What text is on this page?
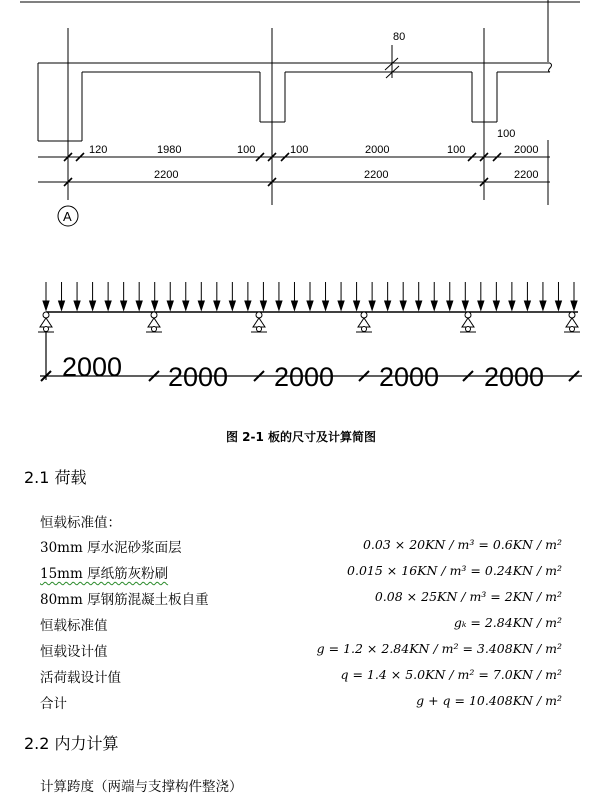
80
120	1980	100	100	2000	100
100
2000
2200	2200	2200
A
2000 2000 2000 2000 2000
图 2-1 板的尺寸及计算简图
2.1 荷载
恒载标准值：
30mm 厚水泥砂浆面层	0.03 × 20KN / m³ = 0.6KN / m²
15mm 厚纸筋灰粉刷	0.015 × 16KN / m³ = 0.24KN / m²
80mm 厚钢筋混凝土板自重	0.08 × 25KN / m³ = 2KN / m²
恒载标准值	gₖ = 2.84KN / m²
恒载设计值	g = 1.2 × 2.84KN / m² = 3.408KN / m²
活荷载设计值	q = 1.4 × 5.0KN / m² = 7.0KN / m²
合计	g + q = 10.408KN / m²
2.2 内力计算
计算跨度（两端与支撑构件整浇）
